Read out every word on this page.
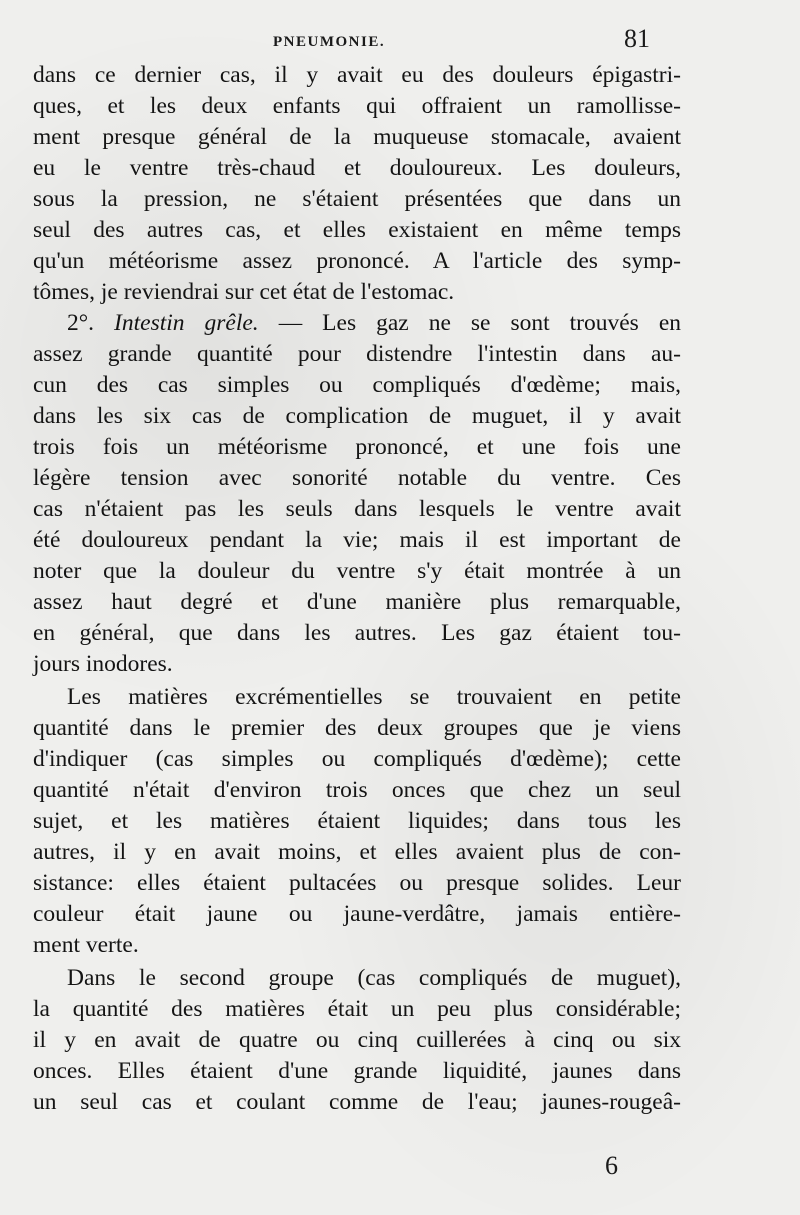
PNEUMONIE.	81
dans ce dernier cas, il y avait eu des douleurs épigastri-
ques, et les deux enfants qui offraient un ramollisse-
ment presque général de la muqueuse stomacale, avaient
eu le ventre très-chaud et douloureux. Les douleurs,
sous la pression, ne s'étaient présentées que dans un
seul des autres cas, et elles existaient en même temps
qu'un météorisme assez prononcé. A l'article des symp-
tômes, je reviendrai sur cet état de l'estomac.
2°. Intestin grêle. — Les gaz ne se sont trouvés en
assez grande quantité pour distendre l'intestin dans au-
cun des cas simples ou compliqués d'œdème; mais,
dans les six cas de complication de muguet, il y avait
trois fois un météorisme prononcé, et une fois une
légère tension avec sonorité notable du ventre. Ces
cas n'étaient pas les seuls dans lesquels le ventre avait
été douloureux pendant la vie; mais il est important de
noter que la douleur du ventre s'y était montrée à un
assez haut degré et d'une manière plus remarquable,
en général, que dans les autres. Les gaz étaient tou-
jours inodores.
Les matières excrémentielles se trouvaient en petite
quantité dans le premier des deux groupes que je viens
d'indiquer (cas simples ou compliqués d'œdème); cette
quantité n'était d'environ trois onces que chez un seul
sujet, et les matières étaient liquides; dans tous les
autres, il y en avait moins, et elles avaient plus de con-
sistance: elles étaient pultacées ou presque solides. Leur
couleur était jaune ou jaune-verdâtre, jamais entière-
ment verte.
Dans le second groupe (cas compliqués de muguet),
la quantité des matières était un peu plus considérable;
il y en avait de quatre ou cinq cuillerées à cinq ou six
onces. Elles étaient d'une grande liquidité, jaunes dans
un seul cas et coulant comme de l'eau; jaunes-rougeâ-
6
